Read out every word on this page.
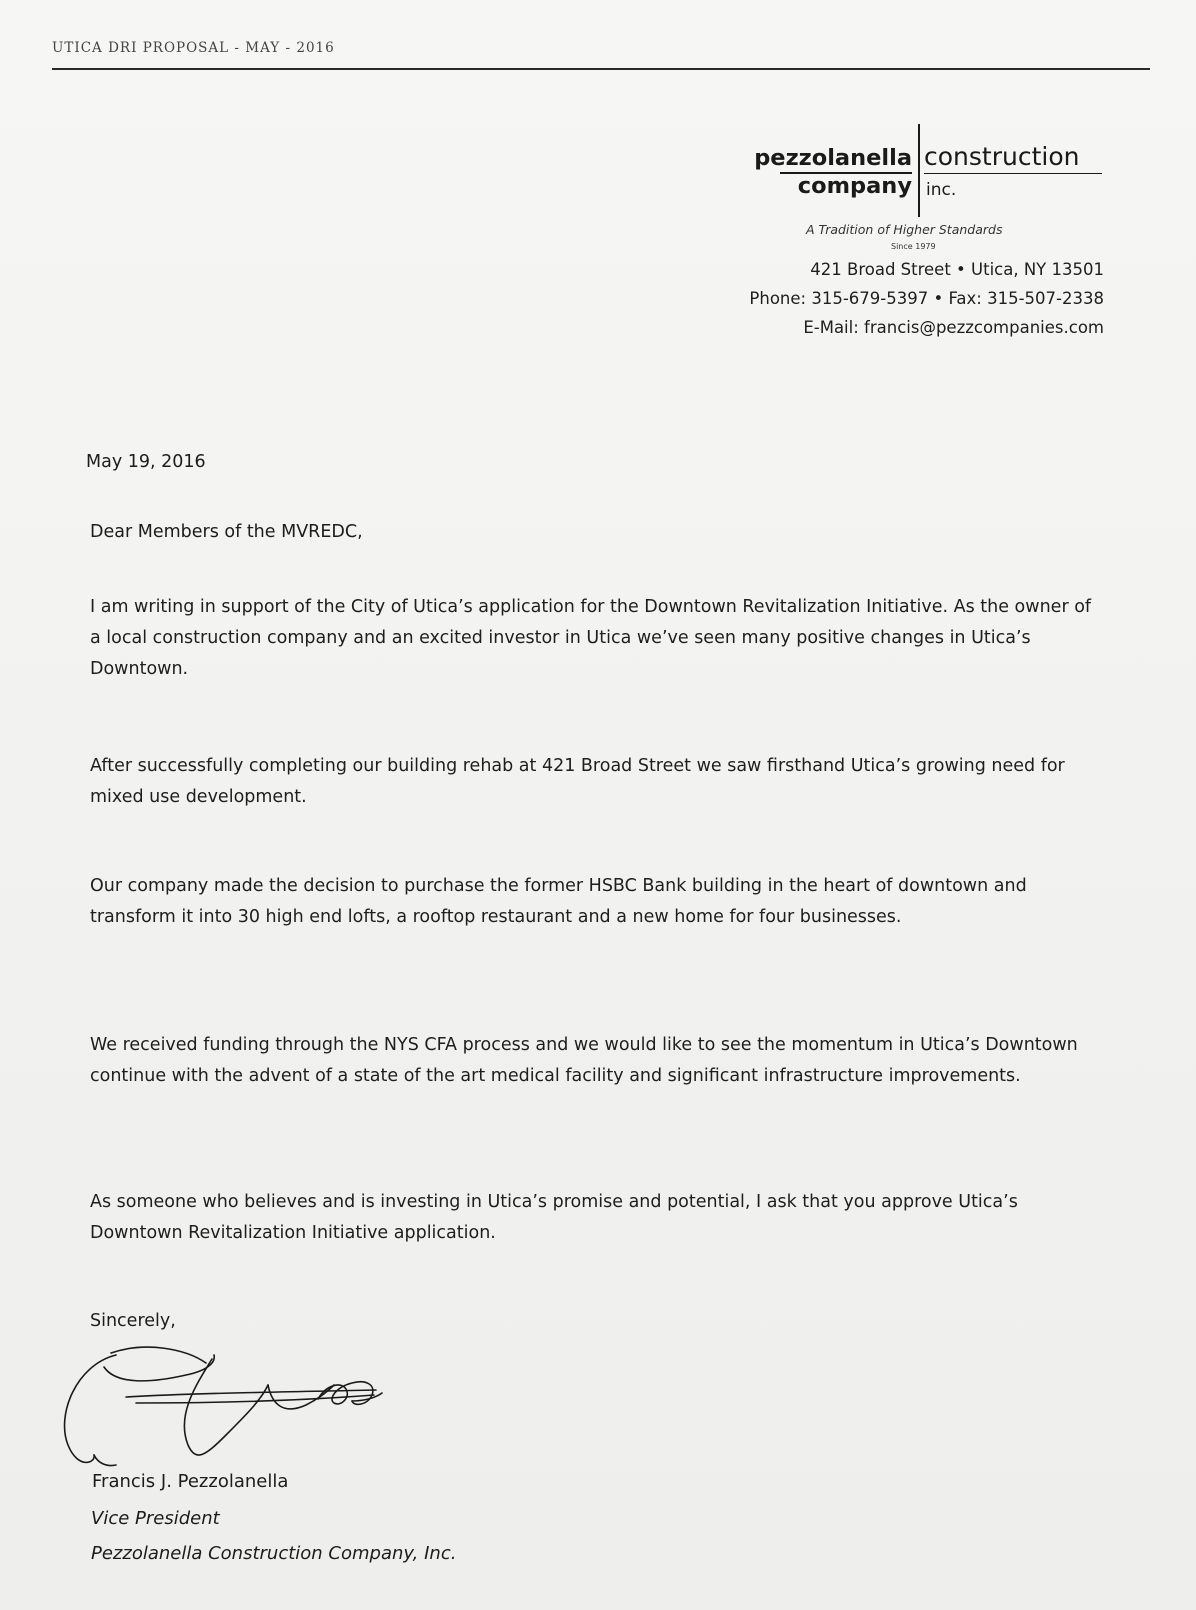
UTICA DRI PROPOSAL - MAY - 2016
pezzolanella
company
construction
inc.
A Tradition of Higher Standards
Since 1979
421 Broad Street • Utica, NY 13501
Phone: 315-679-5397 • Fax: 315-507-2338
E-Mail: francis@pezzcompanies.com
May 19, 2016
Dear Members of the MVREDC,

I am writing in support of the City of Utica’s application for the Downtown Revitalization Initiative. As the owner of a local construction company and an excited investor in Utica we’ve seen many positive changes in Utica’s Downtown.

After successfully completing our building rehab at 421 Broad Street we saw firsthand Utica’s growing need for mixed use development.

Our company made the decision to purchase the former HSBC Bank building in the heart of downtown and transform it into 30 high end lofts, a rooftop restaurant and a new home for four businesses.

We received funding through the NYS CFA process and we would like to see the momentum in Utica’s Downtown continue with the advent of a state of the art medical facility and significant infrastructure improvements.

As someone who believes and is investing in Utica’s promise and potential, I ask that you approve Utica’s Downtown Revitalization Initiative application.

Sincerely,
Francis J. Pezzolanella
Vice President
Pezzolanella Construction Company, Inc.
